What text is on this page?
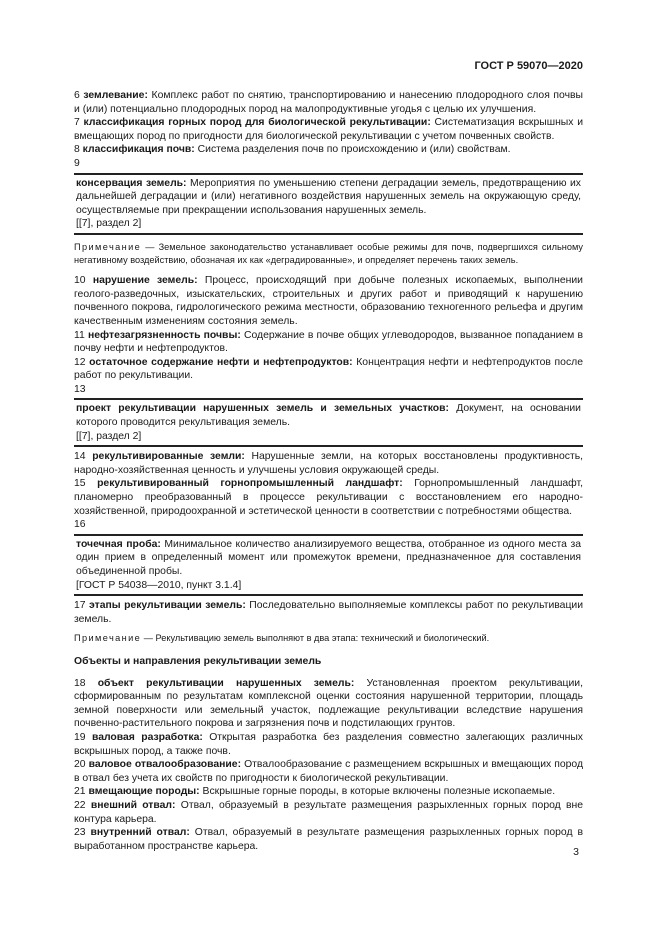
ГОСТ Р 59070—2020

6 землевание: Комплекс работ по снятию, транспортированию и нанесению плодородного слоя почвы и (или) потенциально плодородных пород на малопродуктивные угодья с целью их улучшения.

7 классификация горных пород для биологической рекультивации: Систематизация вскрышных и вмещающих пород по пригодности для биологической рекультивации с учетом почвенных свойств.

8 классификация почв: Система разделения почв по происхождению и (или) свойствам.

9

консервация земель: Мероприятия по уменьшению степени деградации земель, предотвращению их дальнейшей деградации и (или) негативного воздействия нарушенных земель на окружающую среду, осуществляемые при прекращении использования нарушенных земель.

[[7], раздел 2]

Примечание — Земельное законодательство устанавливает особые режимы для почв, подвергшихся сильному негативному воздействию, обозначая их как «деградированные», и определяет перечень таких земель.

10 нарушение земель: Процесс, происходящий при добыче полезных ископаемых, выполнении геолого-разведочных, изыскательских, строительных и других работ и приводящий к нарушению почвенного покрова, гидрологического режима местности, образованию техногенного рельефа и другим качественным изменениям состояния земель.

11 нефтезагрязненность почвы: Содержание в почве общих углеводородов, вызванное попаданием в почву нефти и нефтепродуктов.

12 остаточное содержание нефти и нефтепродуктов: Концентрация нефти и нефтепродуктов после работ по рекультивации.

13

проект рекультивации нарушенных земель и земельных участков: Документ, на основании которого проводится рекультивация земель.

[[7], раздел 2]

14 рекультивированные земли: Нарушенные земли, на которых восстановлены продуктивность, народно-хозяйственная ценность и улучшены условия окружающей среды.

15 рекультивированный горнопромышленный ландшафт: Горнопромышленный ландшафт, планомерно преобразованный в процессе рекультивации с восстановлением его народно-хозяйственной, природоохранной и эстетической ценности в соответствии с потребностями общества.

16

точечная проба: Минимальное количество анализируемого вещества, отобранное из одного места за один прием в определенный момент или промежуток времени, предназначенное для составления объединенной пробы.

[ГОСТ Р 54038—2010, пункт 3.1.4]

17 этапы рекультивации земель: Последовательно выполняемые комплексы работ по рекультивации земель.

Примечание — Рекультивацию земель выполняют в два этапа: технический и биологический.

Объекты и направления рекультивации земель

18 объект рекультивации нарушенных земель: Установленная проектом рекультивации, сформированным по результатам комплексной оценки состояния нарушенной территории, площадь земной поверхности или земельный участок, подлежащие рекультивации вследствие нарушения почвенно-растительного покрова и загрязнения почв и подстилающих грунтов.

19 валовая разработка: Открытая разработка без разделения совместно залегающих различных вскрышных пород, а также почв.

20 валовое отвалообразование: Отвалообразование с размещением вскрышных и вмещающих пород в отвал без учета их свойств по пригодности к биологической рекультивации.

21 вмещающие породы: Вскрышные горные породы, в которые включены полезные ископаемые.

22 внешний отвал: Отвал, образуемый в результате размещения разрыхленных горных пород вне контура карьера.

23 внутренний отвал: Отвал, образуемый в результате размещения разрыхленных горных пород в выработанном пространстве карьера.	3
